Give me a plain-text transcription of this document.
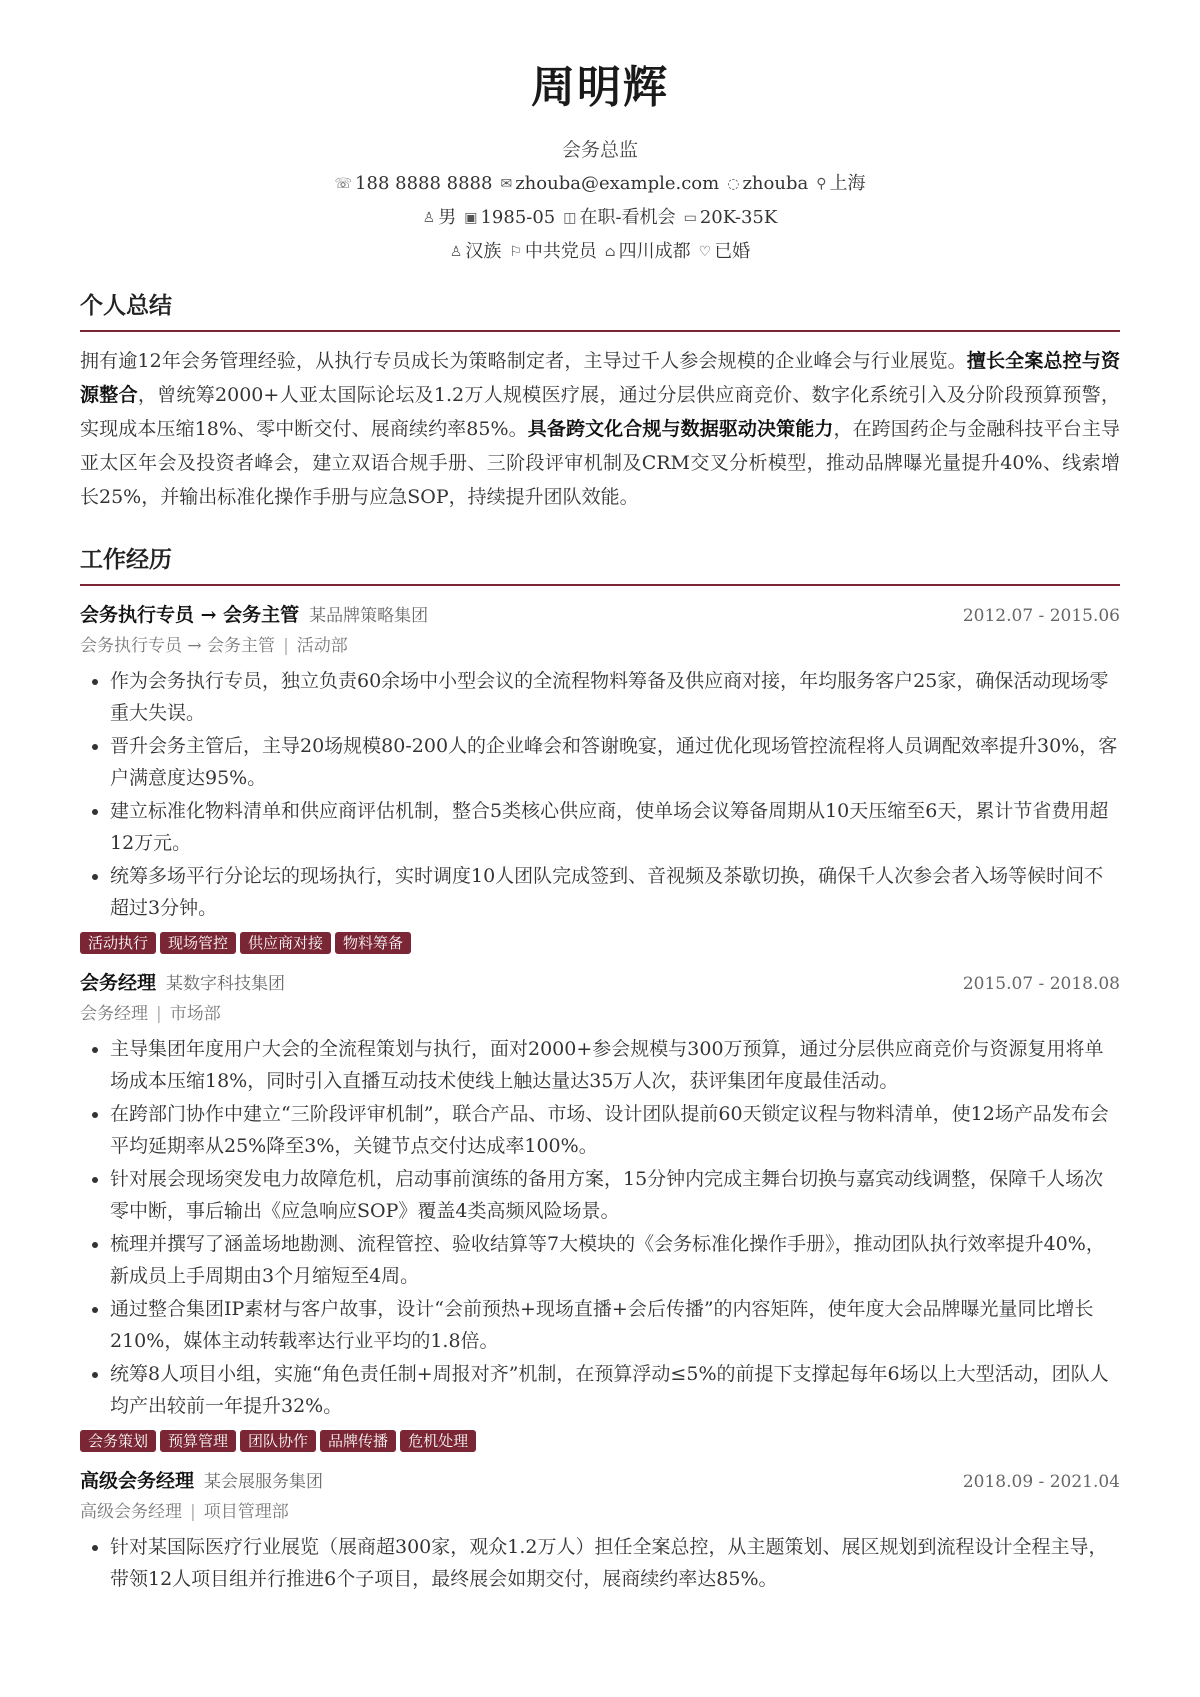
周明辉
会务总监
☏ 188 8888 8888 ✉ zhouba@example.com ◌ zhouba ⚲ 上海
♙ 男 ▣ 1985-05 ◫ 在职-看机会 ▭ 20K-35K
♙ 汉族 ⚐ 中共党员 ⌂ 四川成都 ♡ 已婚
个人总结

拥有逾12年会务管理经验，从执行专员成长为策略制定者，主导过千人参会规模的企业峰会与行业展览。擅长全案总控与资源整合，曾统筹2000+人亚太国际论坛及1.2万人规模医疗展，通过分层供应商竞价、数字化系统引入及分阶段预算预警，实现成本压缩18%、零中断交付、展商续约率85%。具备跨文化合规与数据驱动决策能力，在跨国药企与金融科技平台主导亚太区年会及投资者峰会，建立双语合规手册、三阶段评审机制及CRM交叉分析模型，推动品牌曝光量提升40%、线索增长25%，并输出标准化操作手册与应急SOP，持续提升团队效能。

工作经历
会务执行专员 → 会务主管 某品牌策略集团	2012.07 - 2015.06
会务执行专员 → 会务主管 | 活动部
• 作为会务执行专员，独立负责60余场中小型会议的全流程物料筹备及供应商对接，年均服务客户25家，确保活动现场零重大失误。
• 晋升会务主管后，主导20场规模80-200人的企业峰会和答谢晚宴，通过优化现场管控流程将人员调配效率提升30%，客户满意度达95%。
• 建立标准化物料清单和供应商评估机制，整合5类核心供应商，使单场会议筹备周期从10天压缩至6天，累计节省费用超12万元。
• 统筹多场平行分论坛的现场执行，实时调度10人团队完成签到、音视频及茶歇切换，确保千人次参会者入场等候时间不超过3分钟。
活动执行 现场管控 供应商对接 物料筹备
会务经理 某数字科技集团	2015.07 - 2018.08
会务经理 | 市场部
• 主导集团年度用户大会的全流程策划与执行，面对2000+参会规模与300万预算，通过分层供应商竞价与资源复用将单场成本压缩18%，同时引入直播互动技术使线上触达量达35万人次，获评集团年度最佳活动。
• 在跨部门协作中建立“三阶段评审机制”，联合产品、市场、设计团队提前60天锁定议程与物料清单，使12场产品发布会平均延期率从25%降至3%，关键节点交付达成率100%。
• 针对展会现场突发电力故障危机，启动事前演练的备用方案，15分钟内完成主舞台切换与嘉宾动线调整，保障千人场次零中断，事后输出《应急响应SOP》覆盖4类高频风险场景。
• 梳理并撰写了涵盖场地勘测、流程管控、验收结算等7大模块的《会务标准化操作手册》，推动团队执行效率提升40%，新成员上手周期由3个月缩短至4周。
• 通过整合集团IP素材与客户故事，设计“会前预热+现场直播+会后传播”的内容矩阵，使年度大会品牌曝光量同比增长210%，媒体主动转载率达行业平均的1.8倍。
• 统筹8人项目小组，实施“角色责任制+周报对齐”机制，在预算浮动≤5%的前提下支撑起每年6场以上大型活动，团队人均产出较前一年提升32%。
会务策划 预算管理 团队协作 品牌传播 危机处理
高级会务经理 某会展服务集团	2018.09 - 2021.04
高级会务经理 | 项目管理部
• 针对某国际医疗行业展览（展商超300家，观众1.2万人）担任全案总控，从主题策划、展区规划到流程设计全程主导，带领12人项目组并行推进6个子项目，最终展会如期交付，展商续约率达85%。
